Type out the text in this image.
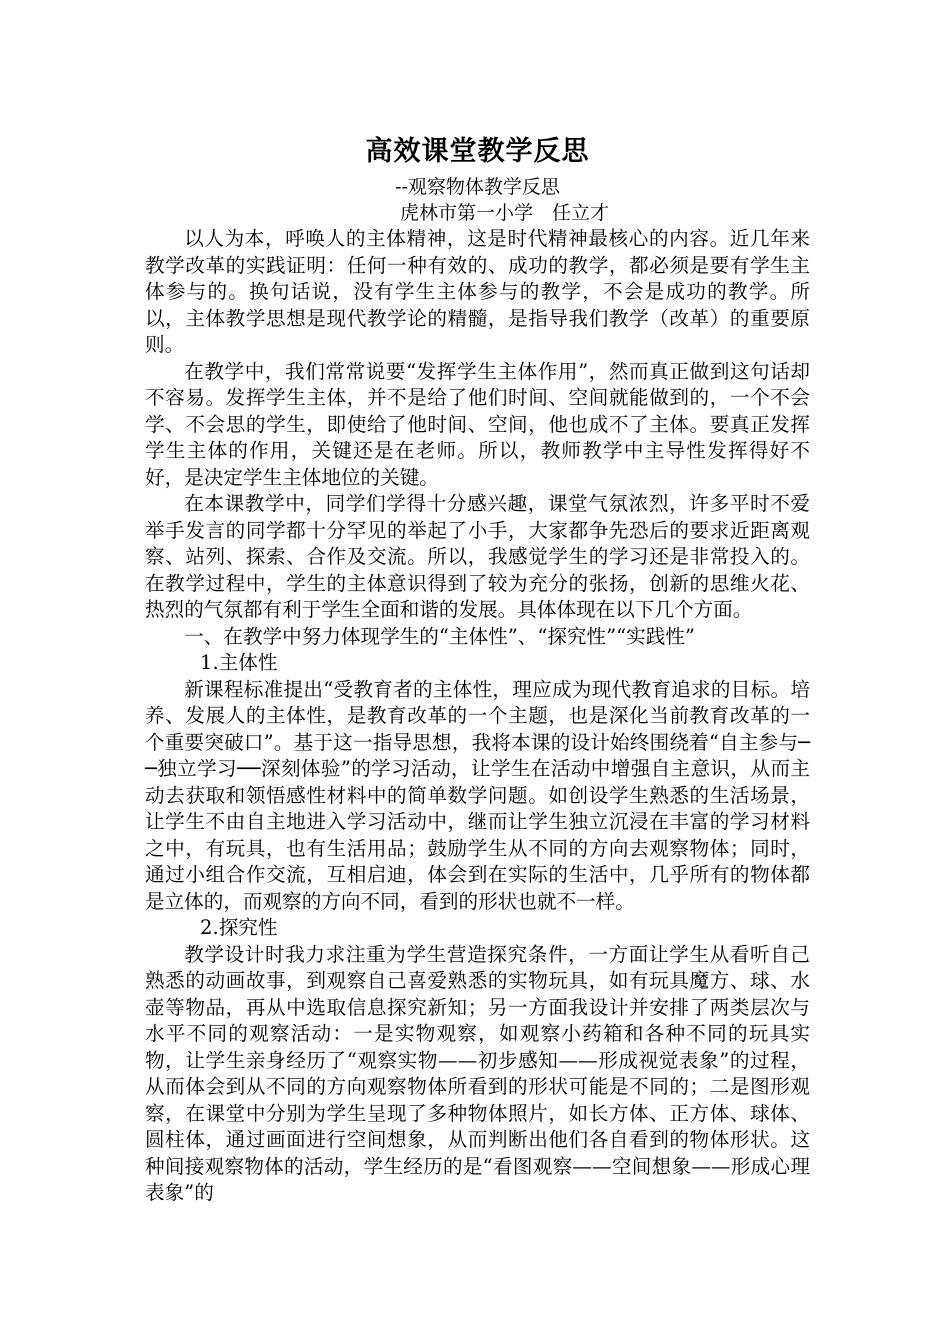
高效课堂教学反思

--观察物体教学反思

虎林市第一小学　任立才

以人为本，呼唤人的主体精神，这是时代精神最核心的内容。近几年来教学改革的实践证明：任何一种有效的、成功的教学，都必须是要有学生主体参与的。换句话说，没有学生主体参与的教学，不会是成功的教学。所以，主体教学思想是现代教学论的精髓，是指导我们教学（改革）的重要原则。

在教学中，我们常常说要“发挥学生主体作用”，然而真正做到这句话却不容易。发挥学生主体，并不是给了他们时间、空间就能做到的，一个不会学、不会思的学生，即使给了他时间、空间，他也成不了主体。要真正发挥学生主体的作用，关键还是在老师。所以，教师教学中主导性发挥得好不好，是决定学生主体地位的关键。

在本课教学中，同学们学得十分感兴趣，课堂气氛浓烈，许多平时不爱举手发言的同学都十分罕见的举起了小手，大家都争先恐后的要求近距离观察、站列、探索、合作及交流。所以，我感觉学生的学习还是非常投入的。在教学过程中，学生的主体意识得到了较为充分的张扬，创新的思维火花、热烈的气氛都有利于学生全面和谐的发展。具体体现在以下几个方面。

一、在教学中努力体现学生的“主体性”、“探究性”“实践性”

1.主体性

新课程标准提出“受教育者的主体性，理应成为现代教育追求的目标。培养、发展人的主体性，是教育改革的一个主题，也是深化当前教育改革的一个重要突破口”。基于这一指导思想，我将本课的设计始终围绕着“自主参与──独立学习──深刻体验”的学习活动，让学生在活动中增强自主意识，从而主动去获取和领悟感性材料中的简单数学问题。如创设学生熟悉的生活场景，让学生不由自主地进入学习活动中，继而让学生独立沉浸在丰富的学习材料之中，有玩具，也有生活用品；鼓励学生从不同的方向去观察物体；同时，通过小组合作交流，互相启迪，体会到在实际的生活中，几乎所有的物体都是立体的，而观察的方向不同，看到的形状也就不一样。

2.探究性

教学设计时我力求注重为学生营造探究条件，一方面让学生从看听自己熟悉的动画故事，到观察自己喜爱熟悉的实物玩具，如有玩具魔方、球、水壶等物品，再从中选取信息探究新知；另一方面我设计并安排了两类层次与水平不同的观察活动：一是实物观察，如观察小药箱和各种不同的玩具实物，让学生亲身经历了“观察实物——初步感知——形成视觉表象”的过程，从而体会到从不同的方向观察物体所看到的形状可能是不同的；二是图形观察，在课堂中分别为学生呈现了多种物体照片，如长方体、正方体、球体、圆柱体，通过画面进行空间想象，从而判断出他们各自看到的物体形状。这种间接观察物体的活动，学生经历的是“看图观察——空间想象——形成心理表象”的
